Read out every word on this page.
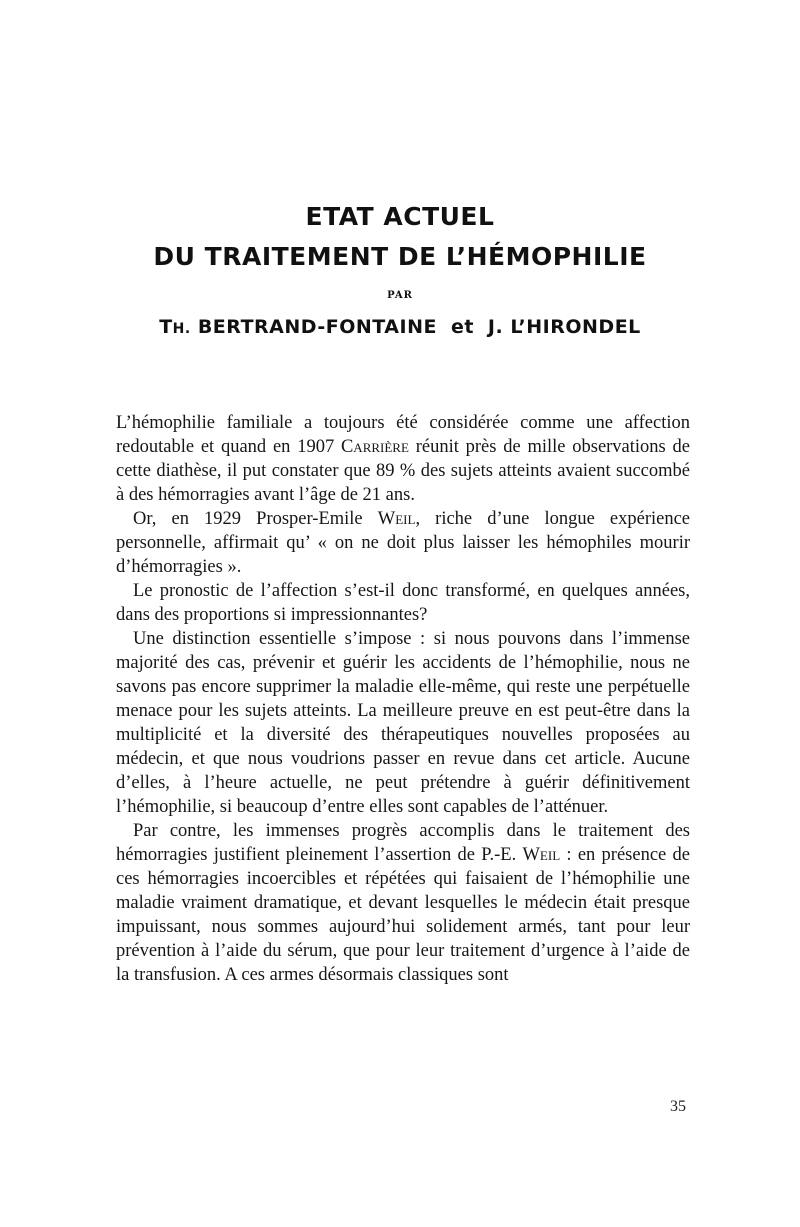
ETAT ACTUEL
DU TRAITEMENT DE L’HÉMOPHILIE
PAR
TH. BERTRAND-FONTAINE et J. L’HIRONDEL

L’hémophilie familiale a toujours été considérée comme une affection redoutable et quand en 1907 Carrière réunit près de mille observations de cette diathèse, il put constater que 89 % des sujets atteints avaient succombé à des hémorragies avant l’âge de 21 ans.

Or, en 1929 Prosper-Emile Weil, riche d’une longue expérience personnelle, affirmait qu’ « on ne doit plus laisser les hémophiles mourir d’hémorragies ».

Le pronostic de l’affection s’est-il donc transformé, en quelques années, dans des proportions si impressionnantes?

Une distinction essentielle s’impose : si nous pouvons dans l’immense majorité des cas, prévenir et guérir les accidents de l’hémophilie, nous ne savons pas encore supprimer la maladie elle-même, qui reste une perpétuelle menace pour les sujets atteints. La meilleure preuve en est peut-être dans la multiplicité et la diversité des thérapeutiques nouvelles proposées au médecin, et que nous voudrions passer en revue dans cet article. Aucune d’elles, à l’heure actuelle, ne peut prétendre à guérir définitivement l’hémophilie, si beaucoup d’entre elles sont capables de l’atténuer.

Par contre, les immenses progrès accomplis dans le traitement des hémorragies justifient pleinement l’assertion de P.-E. Weil : en présence de ces hémorragies incoercibles et répétées qui faisaient de l’hémophilie une maladie vraiment dramatique, et devant lesquelles le médecin était presque impuissant, nous sommes aujourd’hui solidement armés, tant pour leur prévention à l’aide du sérum, que pour leur traitement d’urgence à l’aide de la transfusion. A ces armes désormais classiques sont

35
